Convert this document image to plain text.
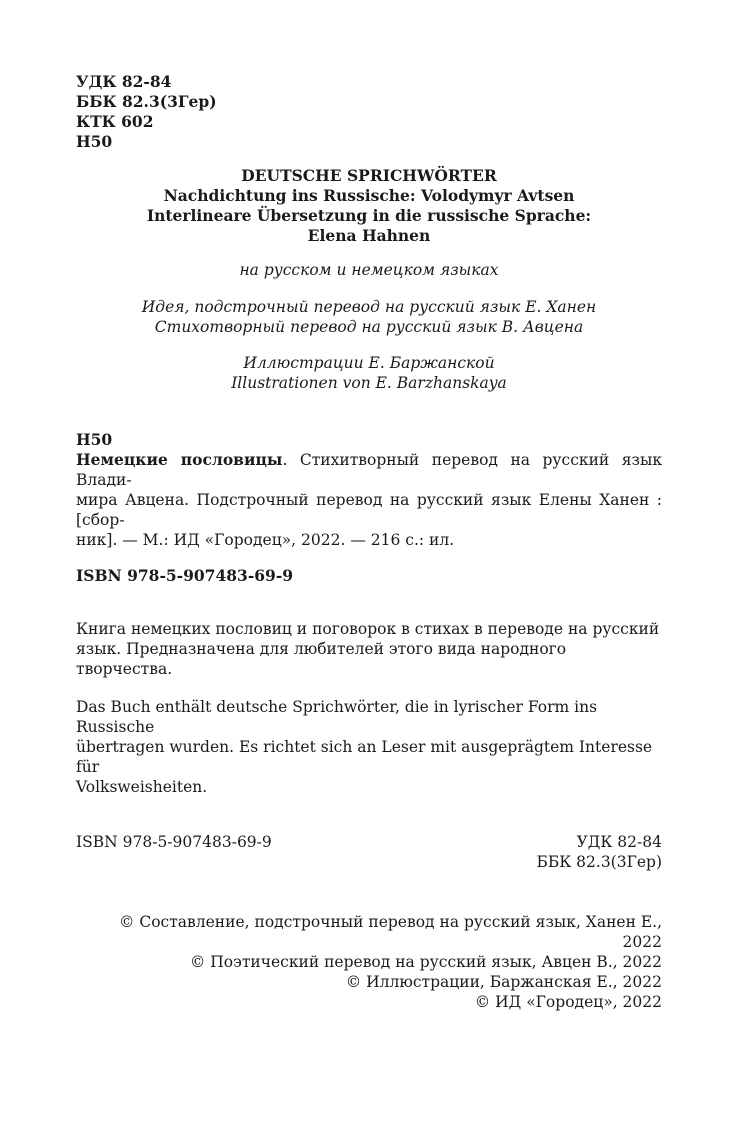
УДК 82-84
ББК 82.3(3Гер)
КТК 602
Н50
DEUTSCHE SPRICHWÖRTER
Nachdichtung ins Russische: Volodymyr Avtsen
Interlineare Übersetzung in die russische Sprache:
Elena Hahnen
на русском и немецком языках
Идея, подстрочный перевод на русский язык Е. Ханен
Стихотворный перевод на русский язык В. Авцена
Иллюстрации Е. Баржанской
Illustrationen von E. Barzhanskaya
Н50
Немецкие пословицы. Стихитворный перевод на русский язык Влади-
мира Авцена. Подстрочный перевод на русский язык Елены Ханен : [сбор-
ник]. — М.: ИД «Городец», 2022. — 216 с.: ил.
ISBN 978-5-907483-69-9
Книга немецких пословиц и поговорок в стихах в переводе на русский
язык. Предназначена для любителей этого вида народного творчества.
Das Buch enthält deutsche Sprichwörter, die in lyrischer Form ins Russische
übertragen wurden. Es richtet sich an Leser mit ausgeprägtem Interesse für
Volksweisheiten.
ISBN 978-5-907483-69-9	УДК 82-84
ББК 82.3(3Гер)
© Составление, подстрочный перевод на русский язык, Ханен Е., 2022
© Поэтический перевод на русский язык, Авцен В., 2022
© Иллюстрации, Баржанская Е., 2022
© ИД «Городец», 2022
